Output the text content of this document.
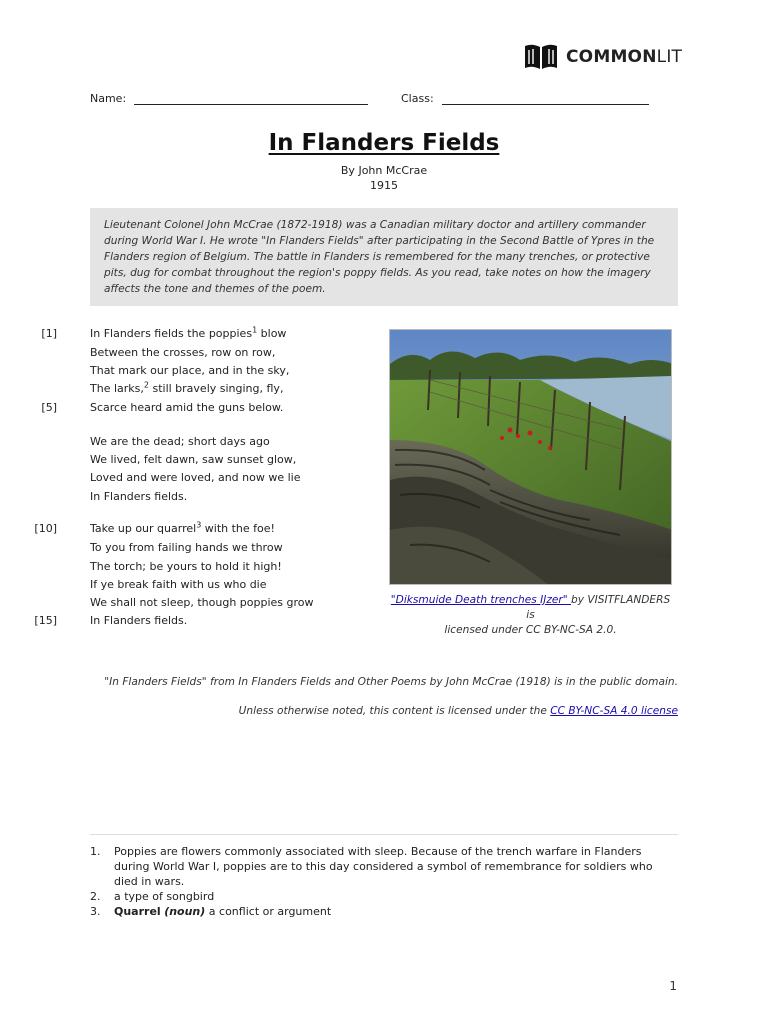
COMMONLIT
Name:	Class:
In Flanders Fields
By John McCrae
1915
Lieutenant Colonel John McCrae (1872-1918) was a Canadian military doctor and artillery commander during World War I. He wrote "In Flanders Fields" after participating in the Second Battle of Ypres in the Flanders region of Belgium. The battle in Flanders is remembered for the many trenches, or protective pits, dug for combat throughout the region's poppy fields. As you read, take notes on how the imagery affects the tone and themes of the poem.
[1]
[5]
[10]
[15]
In Flanders fields the poppies$^1$ blow
Between the crosses, row on row,
That mark our place, and in the sky,
The larks,$^2$ still bravely singing, fly,
Scarce heard amid the guns below.
We are the dead; short days ago
We lived, felt dawn, saw sunset glow,
Loved and were loved, and now we lie
In Flanders fields.
Take up our quarrel$^3$ with the foe!
To you from failing hands we throw
The torch; be yours to hold it high!
If ye break faith with us who die
We shall not sleep, though poppies grow
In Flanders fields.
"Diksmuide Death trenches IJzer" by VISITFLANDERS is
licensed under CC BY-NC-SA 2.0.
"In Flanders Fields" from In Flanders Fields and Other Poems by John McCrae (1918) is in the public domain.
Unless otherwise noted, this content is licensed under the CC BY-NC-SA 4.0 license
1.	Poppies are flowers commonly associated with sleep. Because of the trench warfare in Flanders during World War I, poppies are to this day considered a symbol of remembrance for soldiers who died in wars.
2.	a type of songbird
3.	Quarrel (noun) a conflict or argument
1
